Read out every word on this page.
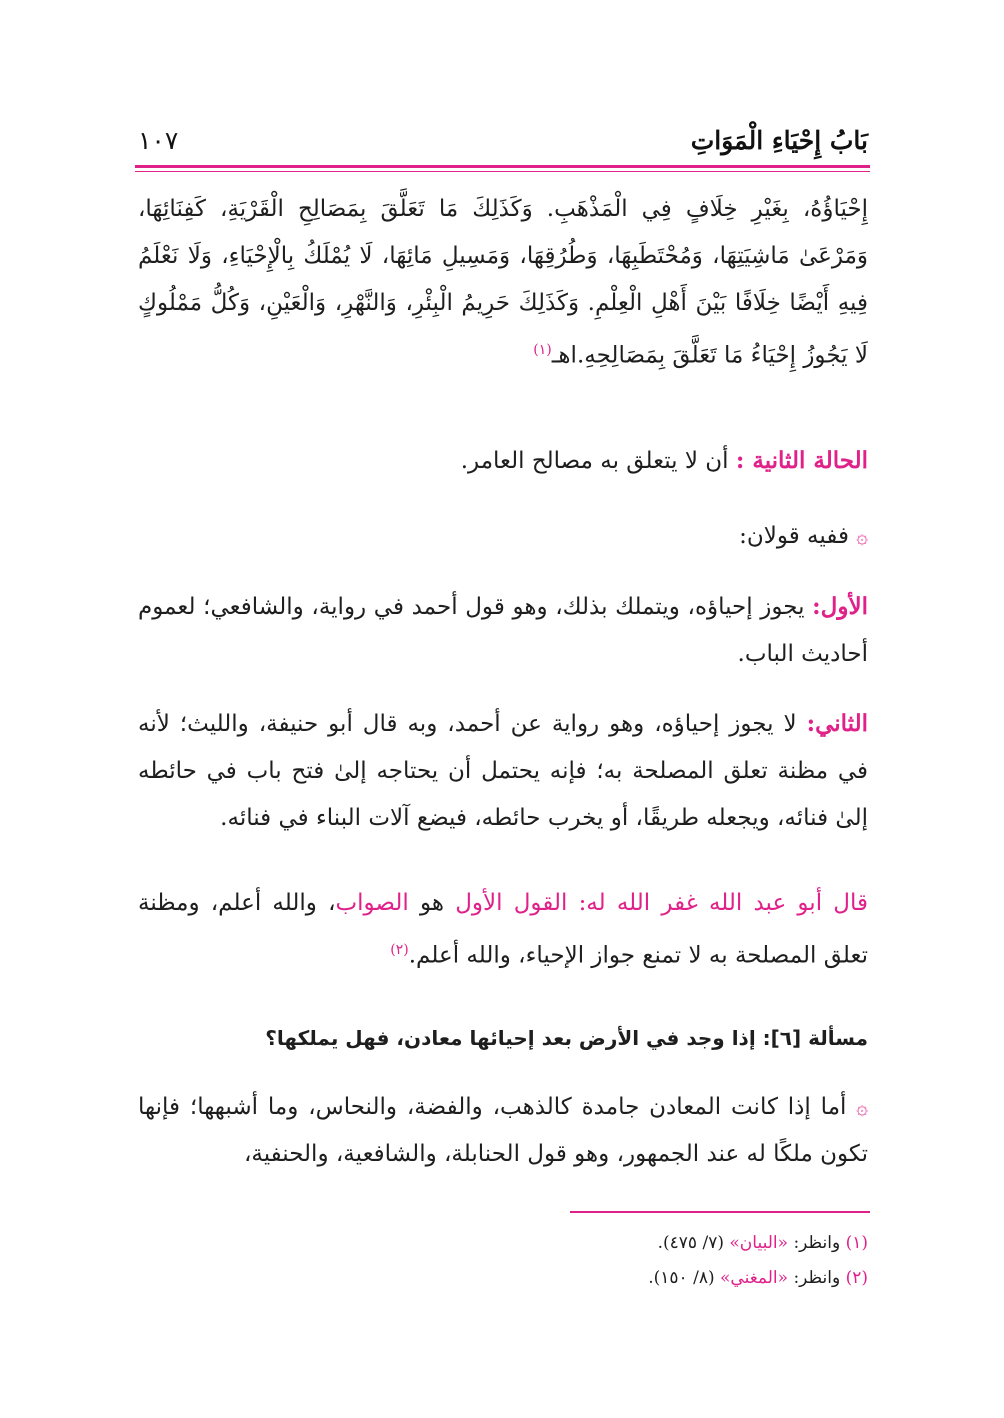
بَابُ إِحْيَاءِ الْمَوَاتِ
١٠٧
إِحْيَاؤُهُ، بِغَيْرِ خِلَافٍ فِي الْمَذْهَبِ. وَكَذَلِكَ مَا تَعَلَّقَ بِمَصَالِحِ الْقَرْيَةِ، كَفِنَائِهَا، وَمَرْعَىٰ مَاشِيَتِهَا، وَمُحْتَطَبِهَا، وَطُرُقِهَا، وَمَسِيلِ مَائِهَا، لَا يُمْلَكُ بِالْإِحْيَاءِ، وَلَا نَعْلَمُ فِيهِ أَيْضًا خِلَافًا بَيْنَ أَهْلِ الْعِلْمِ. وَكَذَلِكَ حَرِيمُ الْبِئْرِ، وَالنَّهْرِ، وَالْعَيْنِ، وَكُلُّ مَمْلُوكٍ لَا يَجُوزُ إِحْيَاءُ مَا تَعَلَّقَ بِمَصَالِحِهِ.اهـ$^{(١)}$
الحالة الثانية : أن لا يتعلق به مصالح العامر.
۞ ففيه قولان:
الأول: يجوز إحياؤه، ويتملك بذلك، وهو قول أحمد في رواية، والشافعي؛ لعموم أحاديث الباب.
الثاني: لا يجوز إحياؤه، وهو رواية عن أحمد، وبه قال أبو حنيفة، والليث؛ لأنه في مظنة تعلق المصلحة به؛ فإنه يحتمل أن يحتاجه إلىٰ فتح باب في حائطه إلىٰ فنائه، ويجعله طريقًا، أو يخرب حائطه، فيضع آلات البناء في فنائه.
قال أبو عبد الله غفر الله له: القول الأول هو الصواب، والله أعلم، ومظنة تعلق المصلحة به لا تمنع جواز الإحياء، والله أعلم.$^{(٢)}$
مسألة [٦]: إذا وجد في الأرض بعد إحيائها معادن، فهل يملكها؟
۞ أما إذا كانت المعادن جامدة كالذهب، والفضة، والنحاس، وما أشبهها؛ فإنها تكون ملكًا له عند الجمهور، وهو قول الحنابلة، والشافعية، والحنفية،
(١) وانظر: «البيان» (٧/ ٤٧٥).
(٢) وانظر: «المغني» (٨/ ١٥٠).
